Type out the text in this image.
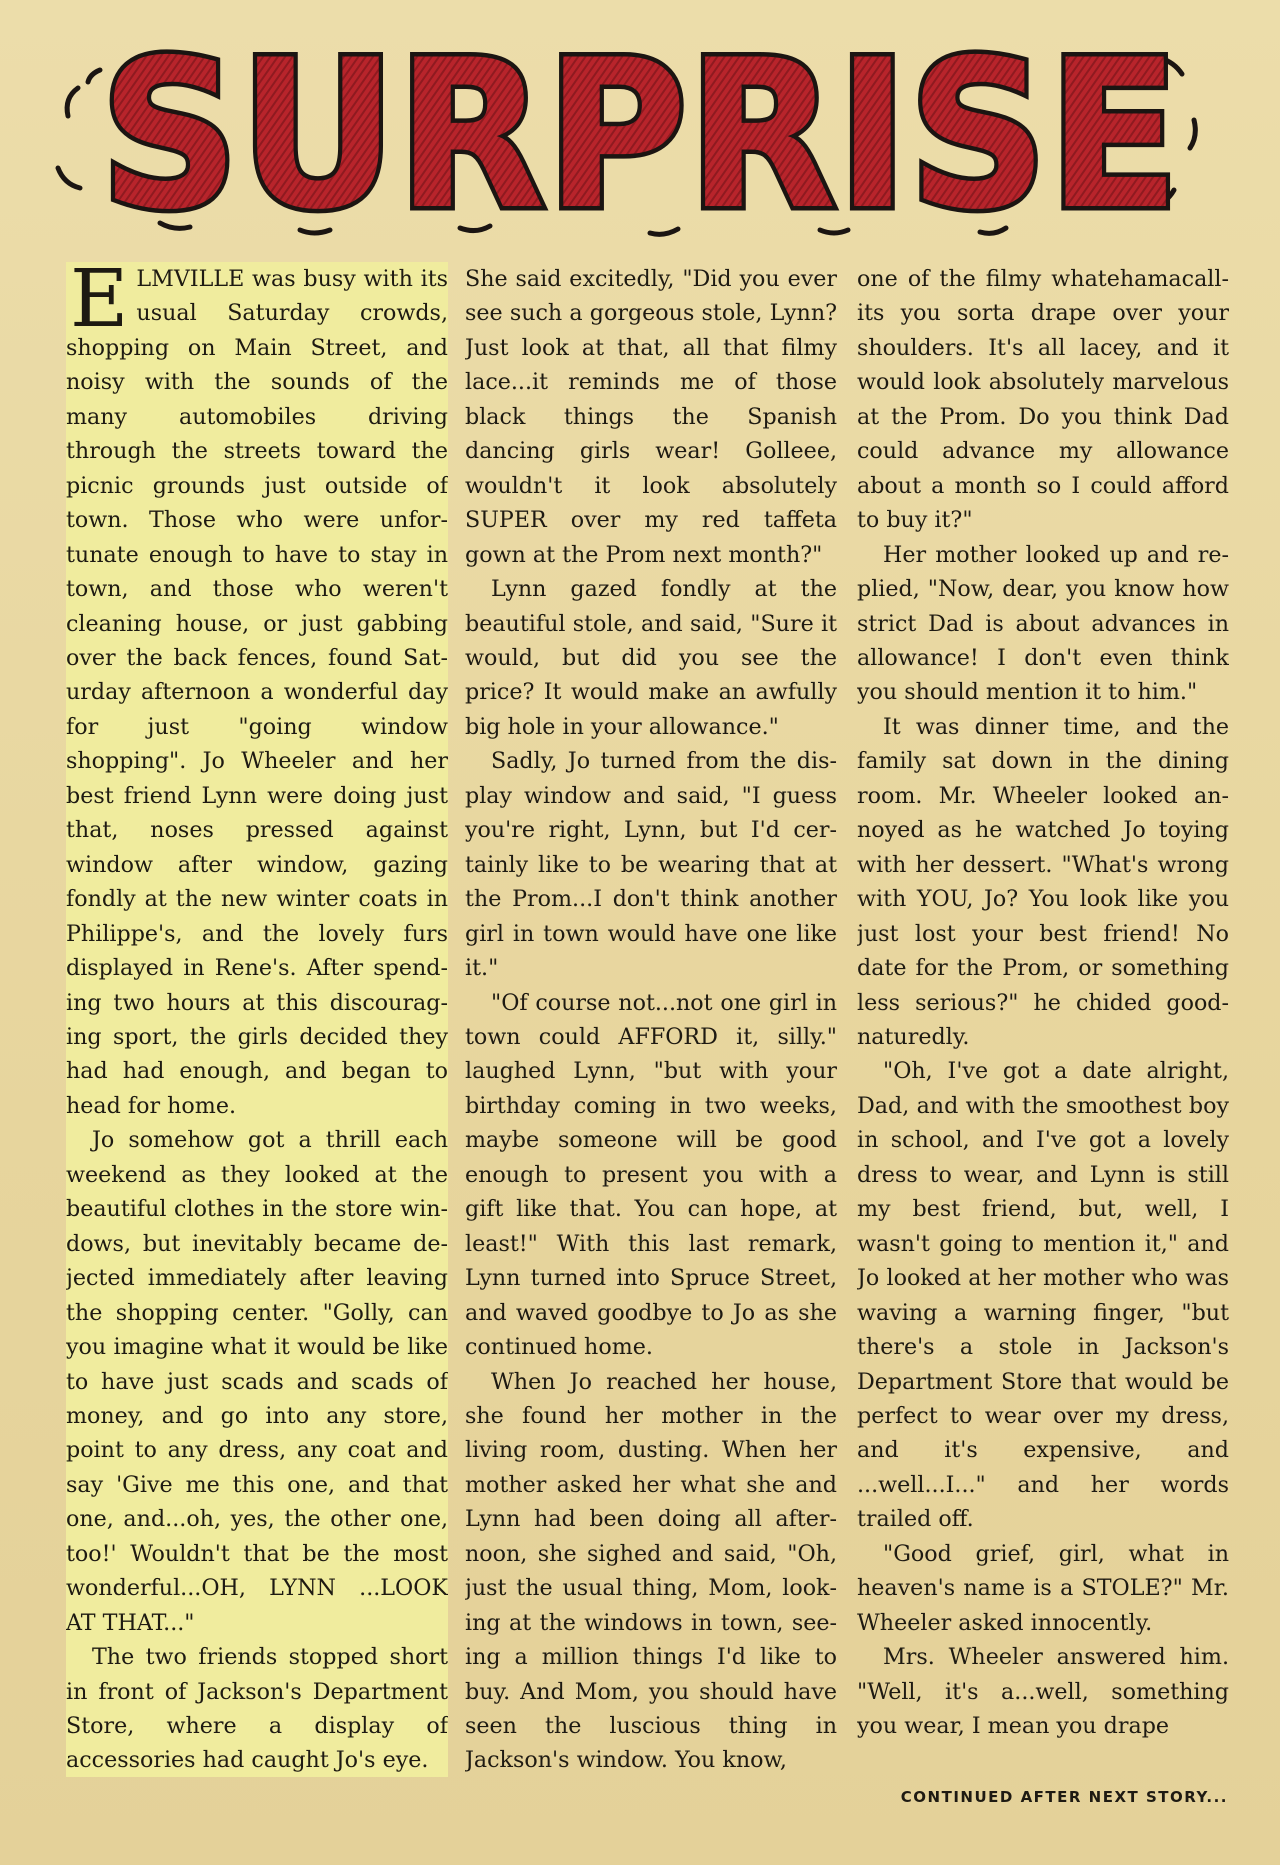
SURPRISE

ELMVILLE was busy with its usual Saturday crowds, shopping on Main Street, and noisy with the sounds of the many automobiles driving through the streets toward the picnic grounds just outside of town. Those who were unfortunate enough to have to stay in town, and those who weren't cleaning house, or just gabbing over the back fences, found Saturday afternoon a wonderful day for just "going window shopping". Jo Wheeler and her best friend Lynn were doing just that, noses pressed against window after window, gazing fondly at the new winter coats in Philippe's, and the lovely furs displayed in Rene's. After spending two hours at this discouraging sport, the girls decided they had had enough, and began to head for home.

Jo somehow got a thrill each weekend as they looked at the beautiful clothes in the store windows, but inevitably became dejected immediately after leaving the shopping center. "Golly, can you imagine what it would be like to have just scads and scads of money, and go into any store, point to any dress, any coat and say 'Give me this one, and that one, and...oh, yes, the other one, too!' Wouldn't that be the most wonderful...OH, LYNN ...LOOK AT THAT..."

The two friends stopped short in front of Jackson's Department Store, where a display of accessories had caught Jo's eye.

She said excitedly, "Did you ever see such a gorgeous stole, Lynn? Just look at that, all that filmy lace...it reminds me of those black things the Spanish dancing girls wear! Golleee, wouldn't it look absolutely SUPER over my red taffeta gown at the Prom next month?"

Lynn gazed fondly at the beautiful stole, and said, "Sure it would, but did you see the price? It would make an awfully big hole in your allowance."

Sadly, Jo turned from the display window and said, "I guess you're right, Lynn, but I'd certainly like to be wearing that at the Prom...I don't think another girl in town would have one like it."

"Of course not...not one girl in town could AFFORD it, silly." laughed Lynn, "but with your birthday coming in two weeks, maybe someone will be good enough to present you with a gift like that. You can hope, at least!" With this last remark, Lynn turned into Spruce Street, and waved goodbye to Jo as she continued home.

When Jo reached her house, she found her mother in the living room, dusting. When her mother asked her what she and Lynn had been doing all afternoon, she sighed and said, "Oh, just the usual thing, Mom, looking at the windows in town, seeing a million things I'd like to buy. And Mom, you should have seen the luscious thing in Jackson's window. You know,

one of the filmy whatehamacallits you sorta drape over your shoulders. It's all lacey, and it would look absolutely marvelous at the Prom. Do you think Dad could advance my allowance about a month so I could afford to buy it?"

Her mother looked up and replied, "Now, dear, you know how strict Dad is about advances in allowance! I don't even think you should mention it to him."

It was dinner time, and the family sat down in the dining room. Mr. Wheeler looked annoyed as he watched Jo toying with her dessert. "What's wrong with YOU, Jo? You look like you just lost your best friend! No date for the Prom, or something less serious?" he chided good-naturedly.

"Oh, I've got a date alright, Dad, and with the smoothest boy in school, and I've got a lovely dress to wear, and Lynn is still my best friend, but, well, I wasn't going to mention it," and Jo looked at her mother who was waving a warning finger, "but there's a stole in Jackson's Department Store that would be perfect to wear over my dress, and it's expensive, and ...well...I..." and her words trailed off.

"Good grief, girl, what in heaven's name is a STOLE?" Mr. Wheeler asked innocently.

Mrs. Wheeler answered him. "Well, it's a...well, something you wear, I mean you drape

CONTINUED AFTER NEXT STORY...
